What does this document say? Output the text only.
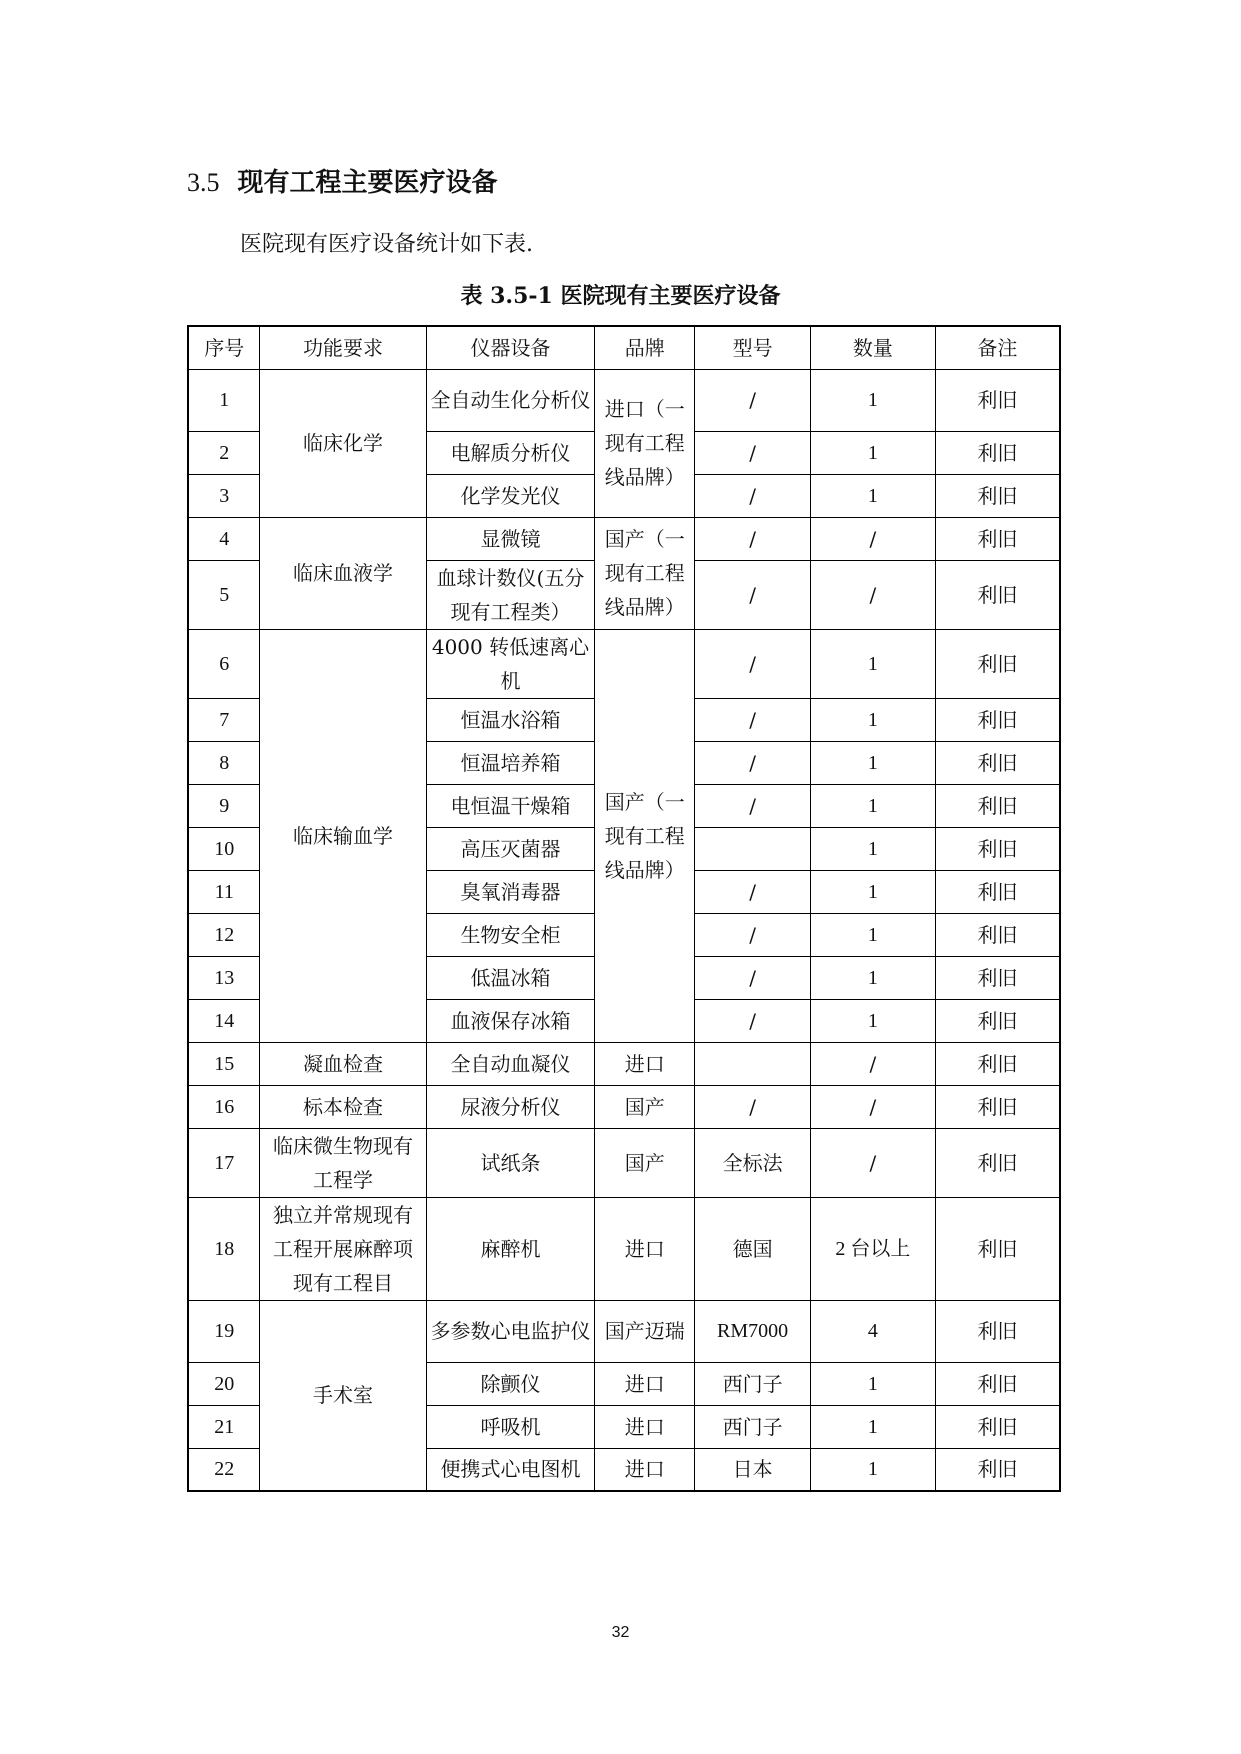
3.5 现有工程主要医疗设备
医院现有医疗设备统计如下表.
表 3.5-1 医院现有主要医疗设备
序号	功能要求	仪器设备	品牌	型号	数量	备注
1	临床化学	全自动生化分析仪	进口（一现有工程线品牌）	/	1	利旧
2		电解质分析仪		/	1	利旧
3		化学发光仪		/	1	利旧
4	临床血液学	显微镜	国产（一现有工程线品牌）	/	/	利旧
5		血球计数仪(五分现有工程类）		/	/	利旧
6	临床输血学	4000 转低速离心机	国产（一现有工程线品牌）	/	1	利旧
7		恒温水浴箱		/	1	利旧
8		恒温培养箱		/	1	利旧
9		电恒温干燥箱		/	1	利旧
10		高压灭菌器			1	利旧
11		臭氧消毒器		/	1	利旧
12		生物安全柜		/	1	利旧
13		低温冰箱		/	1	利旧
14		血液保存冰箱		/	1	利旧
15	凝血检查	全自动血凝仪	进口		/	利旧
16	标本检查	尿液分析仪	国产	/	/	利旧
17	临床微生物现有工程学	试纸条	国产	全标法	/	利旧
18	独立并常规现有工程开展麻醉项现有工程目	麻醉机	进口	德国	2 台以上	利旧
19	手术室	多参数心电监护仪	国产迈瑞	RM7000	4	利旧
20		除颤仪	进口	西门子	1	利旧
21		呼吸机	进口	西门子	1	利旧
22		便携式心电图机	进口	日本	1	利旧
32
